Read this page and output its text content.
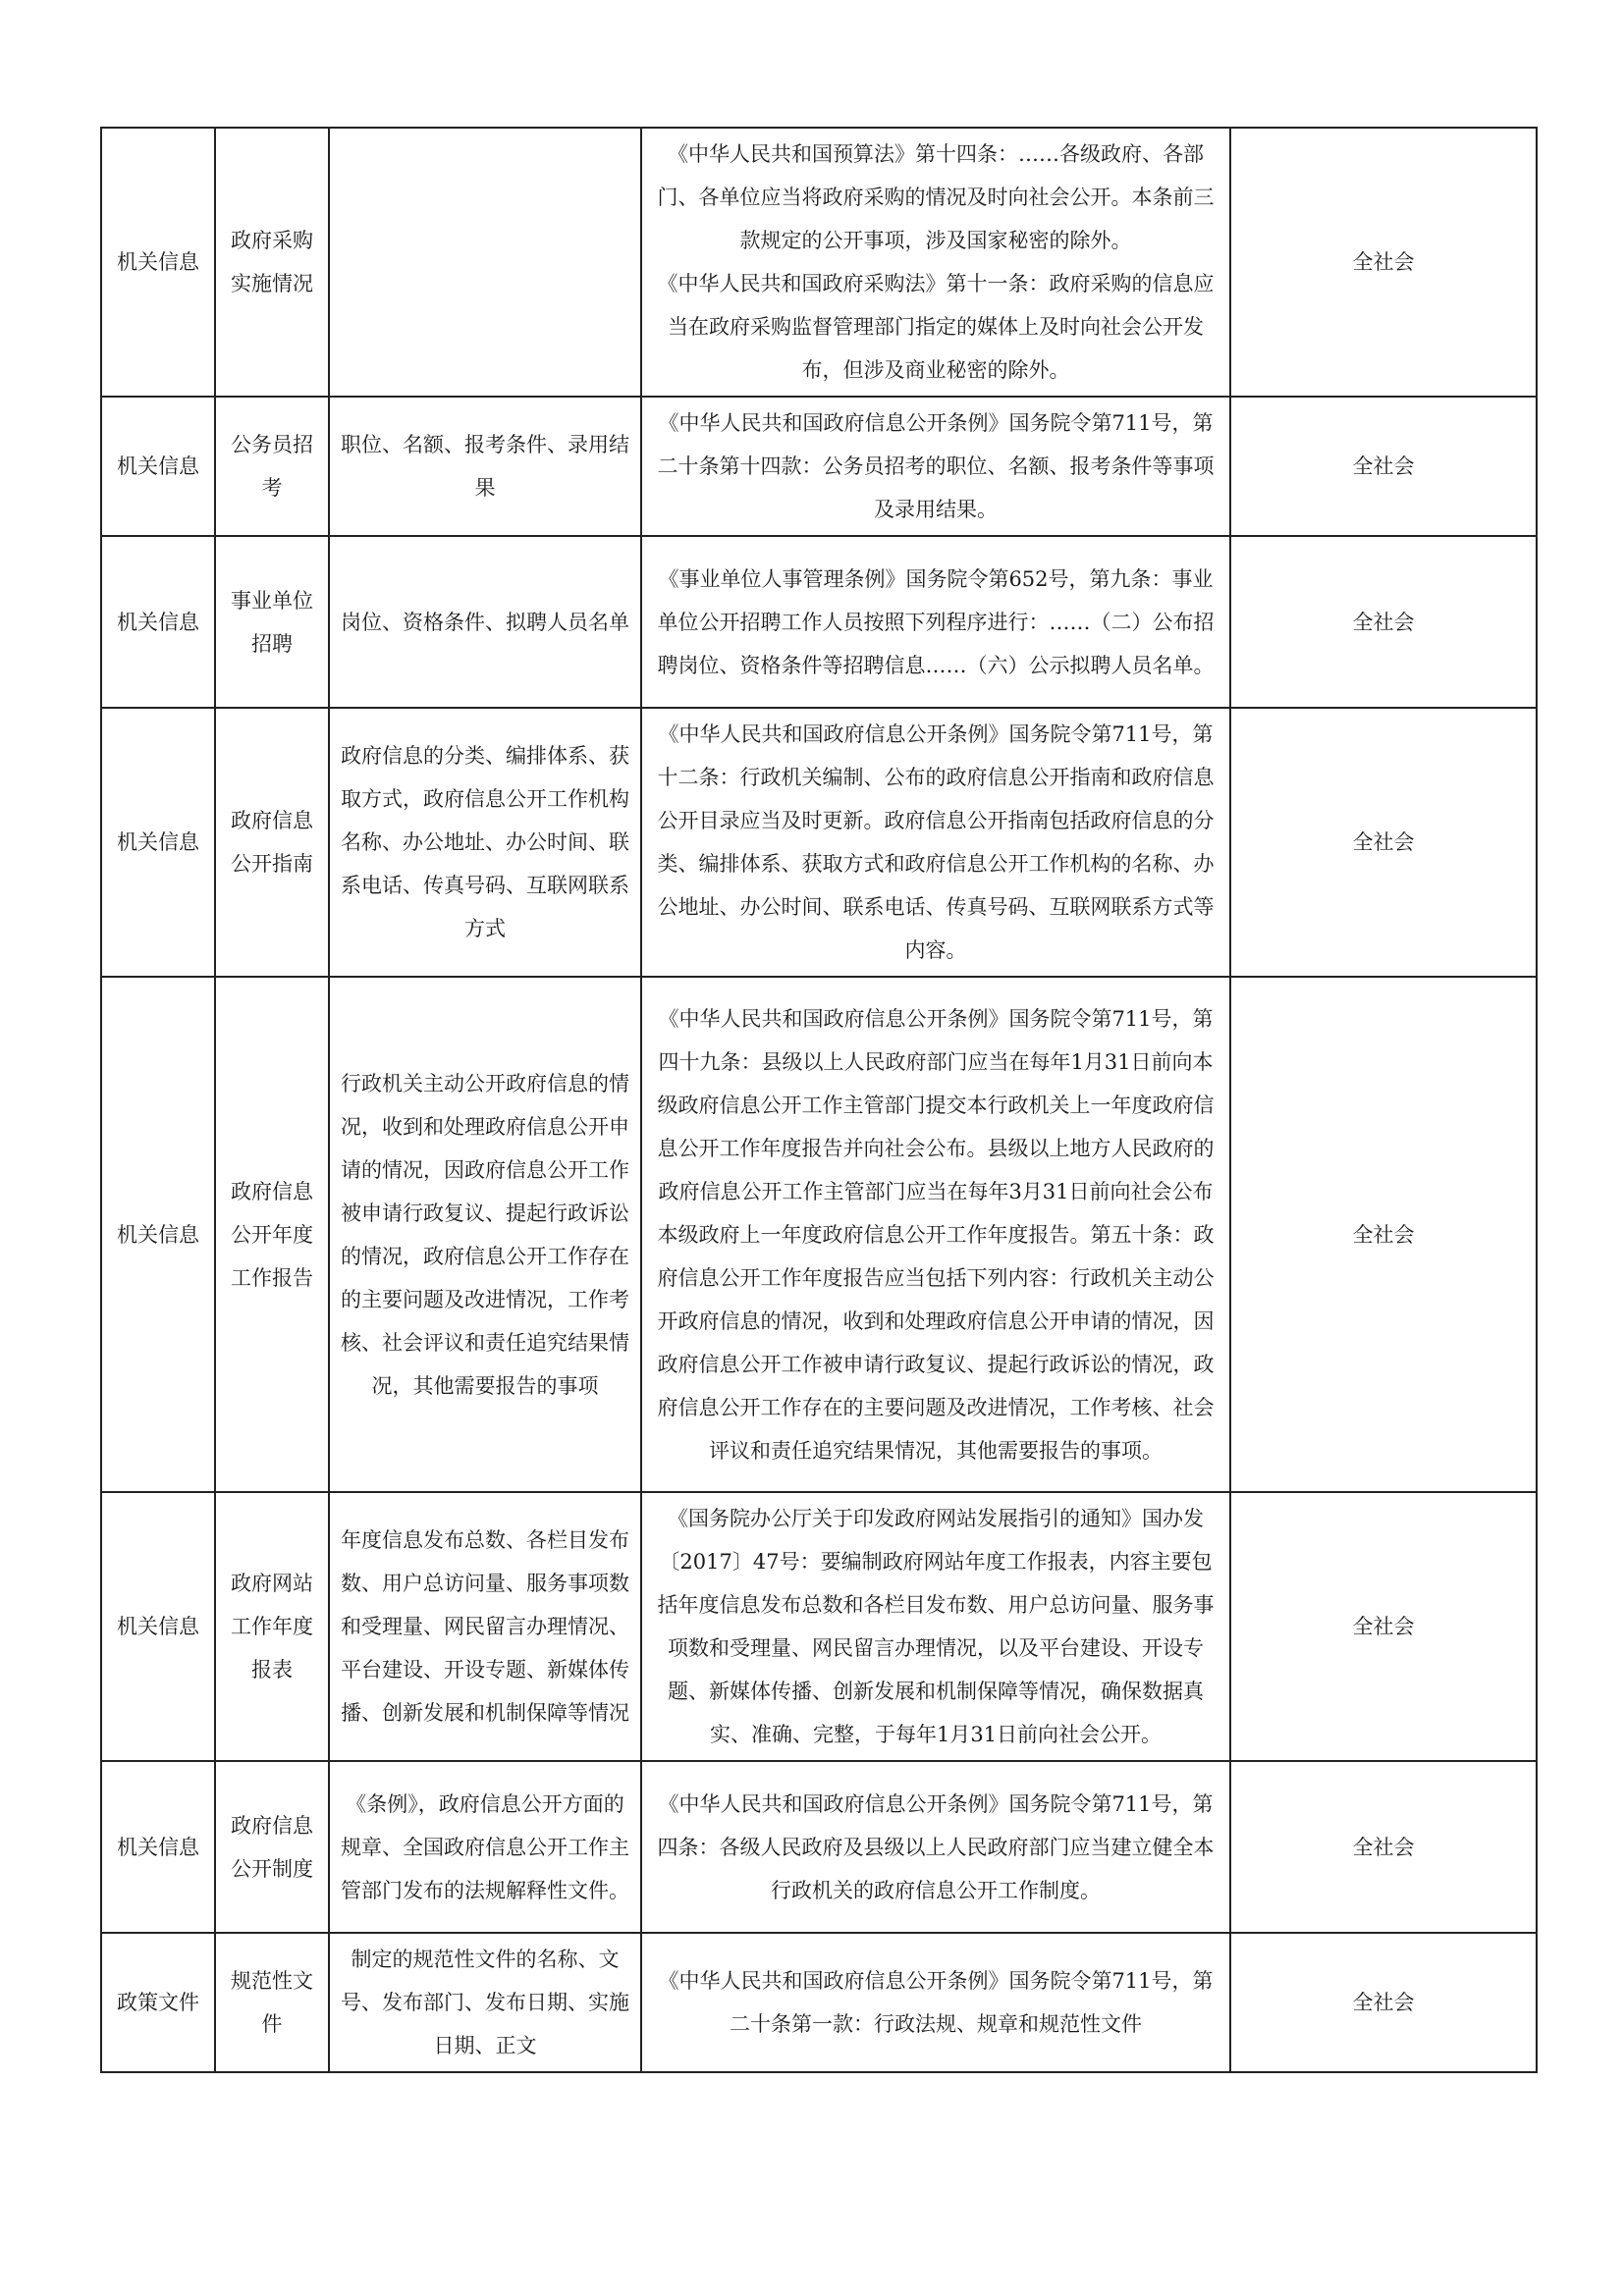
机关信息	政府采购实施情况		《中华人民共和国预算法》第十四条：……各级政府、各部门、各单位应当将政府采购的情况及时向社会公开。本条前三款规定的公开事项，涉及国家秘密的除外。
《中华人民共和国政府采购法》第十一条：政府采购的信息应当在政府采购监督管理部门指定的媒体上及时向社会公开发布，但涉及商业秘密的除外。	全社会
机关信息	公务员招考	职位、名额、报考条件、录用结果	《中华人民共和国政府信息公开条例》国务院令第711号，第二十条第十四款：公务员招考的职位、名额、报考条件等事项及录用结果。	全社会
机关信息	事业单位招聘	岗位、资格条件、拟聘人员名单	《事业单位人事管理条例》国务院令第652号，第九条：事业单位公开招聘工作人员按照下列程序进行：……（二）公布招聘岗位、资格条件等招聘信息……（六）公示拟聘人员名单。	全社会
机关信息	政府信息公开指南	政府信息的分类、编排体系、获取方式，政府信息公开工作机构名称、办公地址、办公时间、联系电话、传真号码、互联网联系方式	《中华人民共和国政府信息公开条例》国务院令第711号，第十二条：行政机关编制、公布的政府信息公开指南和政府信息公开目录应当及时更新。政府信息公开指南包括政府信息的分类、编排体系、获取方式和政府信息公开工作机构的名称、办公地址、办公时间、联系电话、传真号码、互联网联系方式等内容。	全社会
机关信息	政府信息公开年度工作报告	行政机关主动公开政府信息的情况，收到和处理政府信息公开申请的情况，因政府信息公开工作被申请行政复议、提起行政诉讼的情况，政府信息公开工作存在的主要问题及改进情况，工作考核、社会评议和责任追究结果情况，其他需要报告的事项	《中华人民共和国政府信息公开条例》国务院令第711号，第四十九条：县级以上人民政府部门应当在每年1月31日前向本级政府信息公开工作主管部门提交本行政机关上一年度政府信息公开工作年度报告并向社会公布。县级以上地方人民政府的政府信息公开工作主管部门应当在每年3月31日前向社会公布本级政府上一年度政府信息公开工作年度报告。第五十条：政府信息公开工作年度报告应当包括下列内容：行政机关主动公开政府信息的情况，收到和处理政府信息公开申请的情况，因政府信息公开工作被申请行政复议、提起行政诉讼的情况，政府信息公开工作存在的主要问题及改进情况，工作考核、社会评议和责任追究结果情况，其他需要报告的事项。	全社会
机关信息	政府网站工作年度报表	年度信息发布总数、各栏目发布数、用户总访问量、服务事项数和受理量、网民留言办理情况、平台建设、开设专题、新媒体传播、创新发展和机制保障等情况	《国务院办公厅关于印发政府网站发展指引的通知》国办发〔2017〕47号：要编制政府网站年度工作报表，内容主要包括年度信息发布总数和各栏目发布数、用户总访问量、服务事项数和受理量、网民留言办理情况，以及平台建设、开设专题、新媒体传播、创新发展和机制保障等情况，确保数据真实、准确、完整，于每年1月31日前向社会公开。	全社会
机关信息	政府信息公开制度	《条例》，政府信息公开方面的规章、全国政府信息公开工作主管部门发布的法规解释性文件。	《中华人民共和国政府信息公开条例》国务院令第711号，第四条：各级人民政府及县级以上人民政府部门应当建立健全本行政机关的政府信息公开工作制度。	全社会
政策文件	规范性文件	制定的规范性文件的名称、文号、发布部门、发布日期、实施日期、正文	《中华人民共和国政府信息公开条例》国务院令第711号，第二十条第一款：行政法规、规章和规范性文件	全社会
